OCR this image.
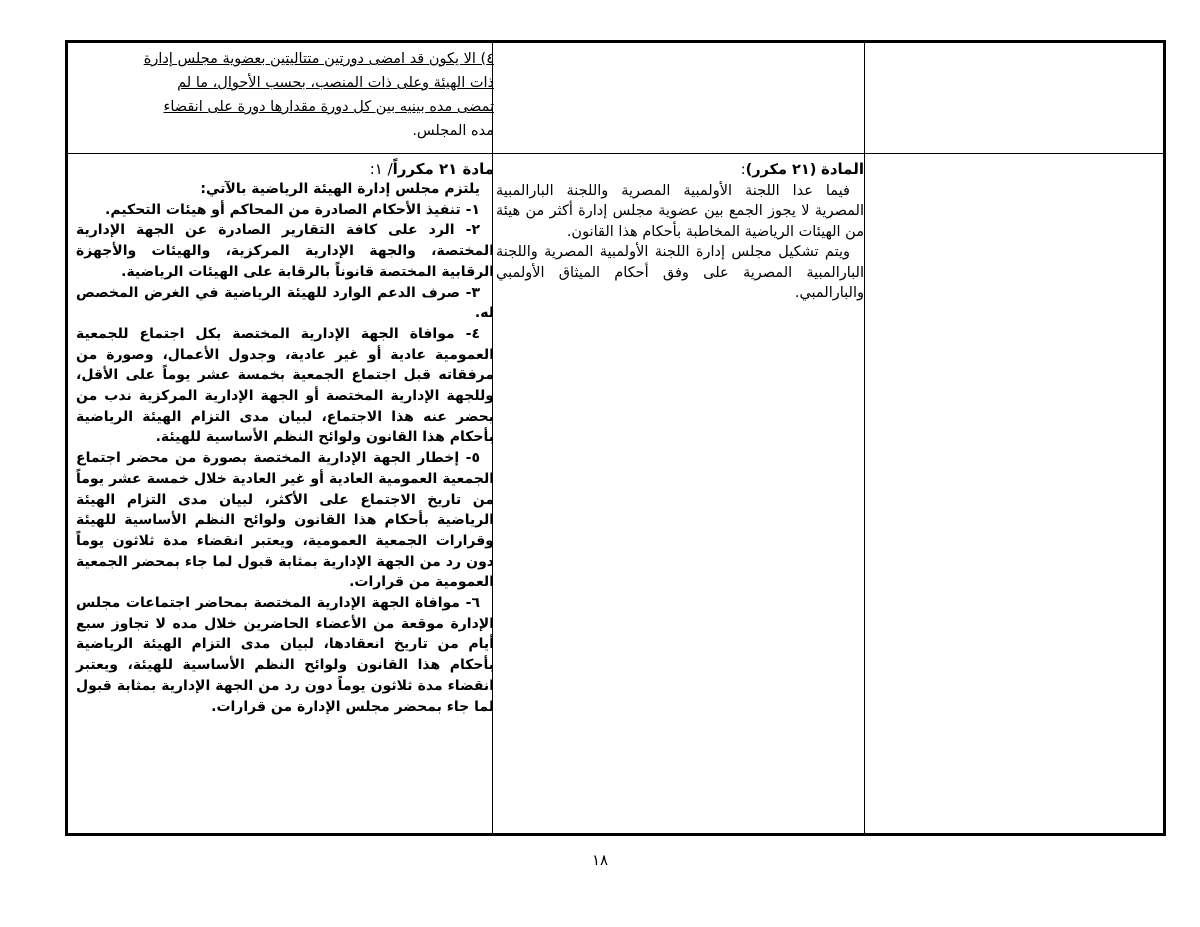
٤) الا يكون قد امضى دورتين متتاليتين بعضوية مجلس إدارة

ذات الهيئة وعلى ذات المنصب، بحسب الأحوال، ما لم

تمضى مده بينيه بين كل دورة مقدارها دورة على انقضاء

مده المجلس.

مادة ٢١ مكرراً/ ١:

يلتزم مجلس إدارة الهيئة الرياضية بالآتي:

١- تنفيذ الأحكام الصادرة من المحاكم أو هيئات التحكيم.

٢- الرد على كافة التقارير الصادرة عن الجهة الإدارية المختصة، والجهة الإدارية المركزية، والهيئات والأجهزة الرقابية المختصة قانوناً بالرقابة على الهيئات الرياضية.

٣- صرف الدعم الوارد للهيئة الرياضية في الغرض المخصص له.

٤- موافاة الجهة الإدارية المختصة بكل اجتماع للجمعية العمومية عادية أو غير عادية، وجدول الأعمال، وصورة من مرفقاته قبل اجتماع الجمعية بخمسة عشر يوماً على الأقل، وللجهة الإدارية المختصة أو الجهة الإدارية المركزية ندب من يحضر عنه هذا الاجتماع، لبيان مدى التزام الهيئة الرياضية بأحكام هذا القانون ولوائح النظم الأساسية للهيئة.

٥- إخطار الجهة الإدارية المختصة بصورة من محضر اجتماع الجمعية العمومية العادية أو غير العادية خلال خمسة عشر يوماً من تاريخ الاجتماع على الأكثر، لبيان مدى التزام الهيئة الرياضية بأحكام هذا القانون ولوائح النظم الأساسية للهيئة وقرارات الجمعية العمومية، ويعتبر انقضاء مدة ثلاثون يوماً دون رد من الجهة الإدارية بمثابة قبول لما جاء بمحضر الجمعية العمومية من قرارات.

٦- موافاة الجهة الإدارية المختصة بمحاضر اجتماعات مجلس الإدارة موقعة من الأعضاء الحاضرين خلال مده لا تجاوز سبع أيام من تاريخ انعقادها، لبيان مدى التزام الهيئة الرياضية بأحكام هذا القانون ولوائح النظم الأساسية للهيئة، ويعتبر انقضاء مدة ثلاثون يوماً دون رد من الجهة الإدارية بمثابة قبول لما جاء بمحضر مجلس الإدارة من قرارات.

المادة (٢١ مكرر):

فيما عدا اللجنة الأولمبية المصرية واللجنة البارالمبية المصرية لا يجوز الجمع بين عضوية مجلس إدارة أكثر من هيئة من الهيئات الرياضية المخاطبة بأحكام هذا القانون.

ويتم تشكيل مجلس إدارة اللجنة الأولمبية المصرية واللجنة البارالمبية المصرية على وفق أحكام الميثاق الأولمبي والبارالمبي.

١٨
